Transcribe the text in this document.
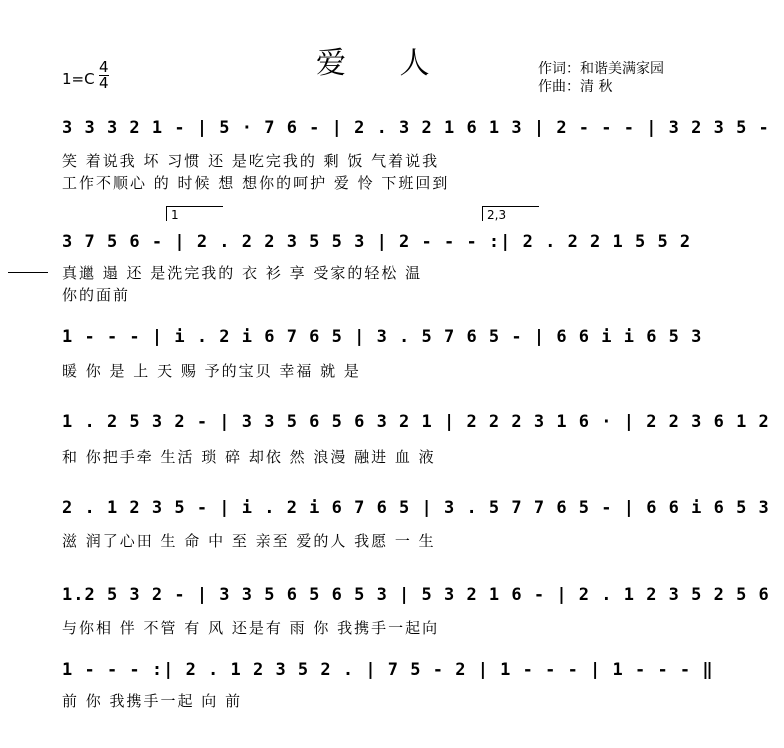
爱 人
1=C
4
4
作词：和谐美满家园
作曲：清 秋
3 3 3 2 1 - | 5 · 7 6 - | 2 . 3 2 1 6 1 3 | 2 - - - | 3 2 3 5 -
笑 着说我 坏 习惯 还 是吃完我的 剩 饭 气着说我
工作不顺心 的 时候 想 想你的呵护 爱 怜 下班回到
1	2,3
3 7 5 6 - | 2 . 2 2 3 5 5 3 | 2 - - - :| 2 . 2 2 1 5 5 2
真邋 遢 还 是洗完我的 衣 衫 享 受家的轻松 温
你的面前
1 - - - | i . 2 i 6 7 6 5 | 3 . 5 7 6 5 - | 6 6 i i 6 5 3
暖 你 是 上 天 赐 予的宝贝 幸福 就 是
1 . 2 5 3 2 - | 3 3 5 6 5 6 3 2 1 | 2 2 2 3 1 6 · | 2 2 3 6 1 2
和 你把手牵 生活 琐 碎 却依 然 浪漫 融进 血 液
2 . 1 2 3 5 - | i . 2 i 6 7 6 5 | 3 . 5 7 7 6 5 - | 6 6 i 6 5 3
滋 润了心田 生 命 中 至 亲至 爱的人 我愿 一 生
1.2 5 3 2 - | 3 3 5 6 5 6 5 3 | 5 3 2 1 6 - | 2 . 1 2 3 5 2 5 6
与你相 伴 不管 有 风 还是有 雨 你 我携手一起向
1 - - - :| 2 . 1 2 3 5 2 . | 7 5 - 2 | 1 - - - | 1 - - - ‖
前 你 我携手一起 向 前
